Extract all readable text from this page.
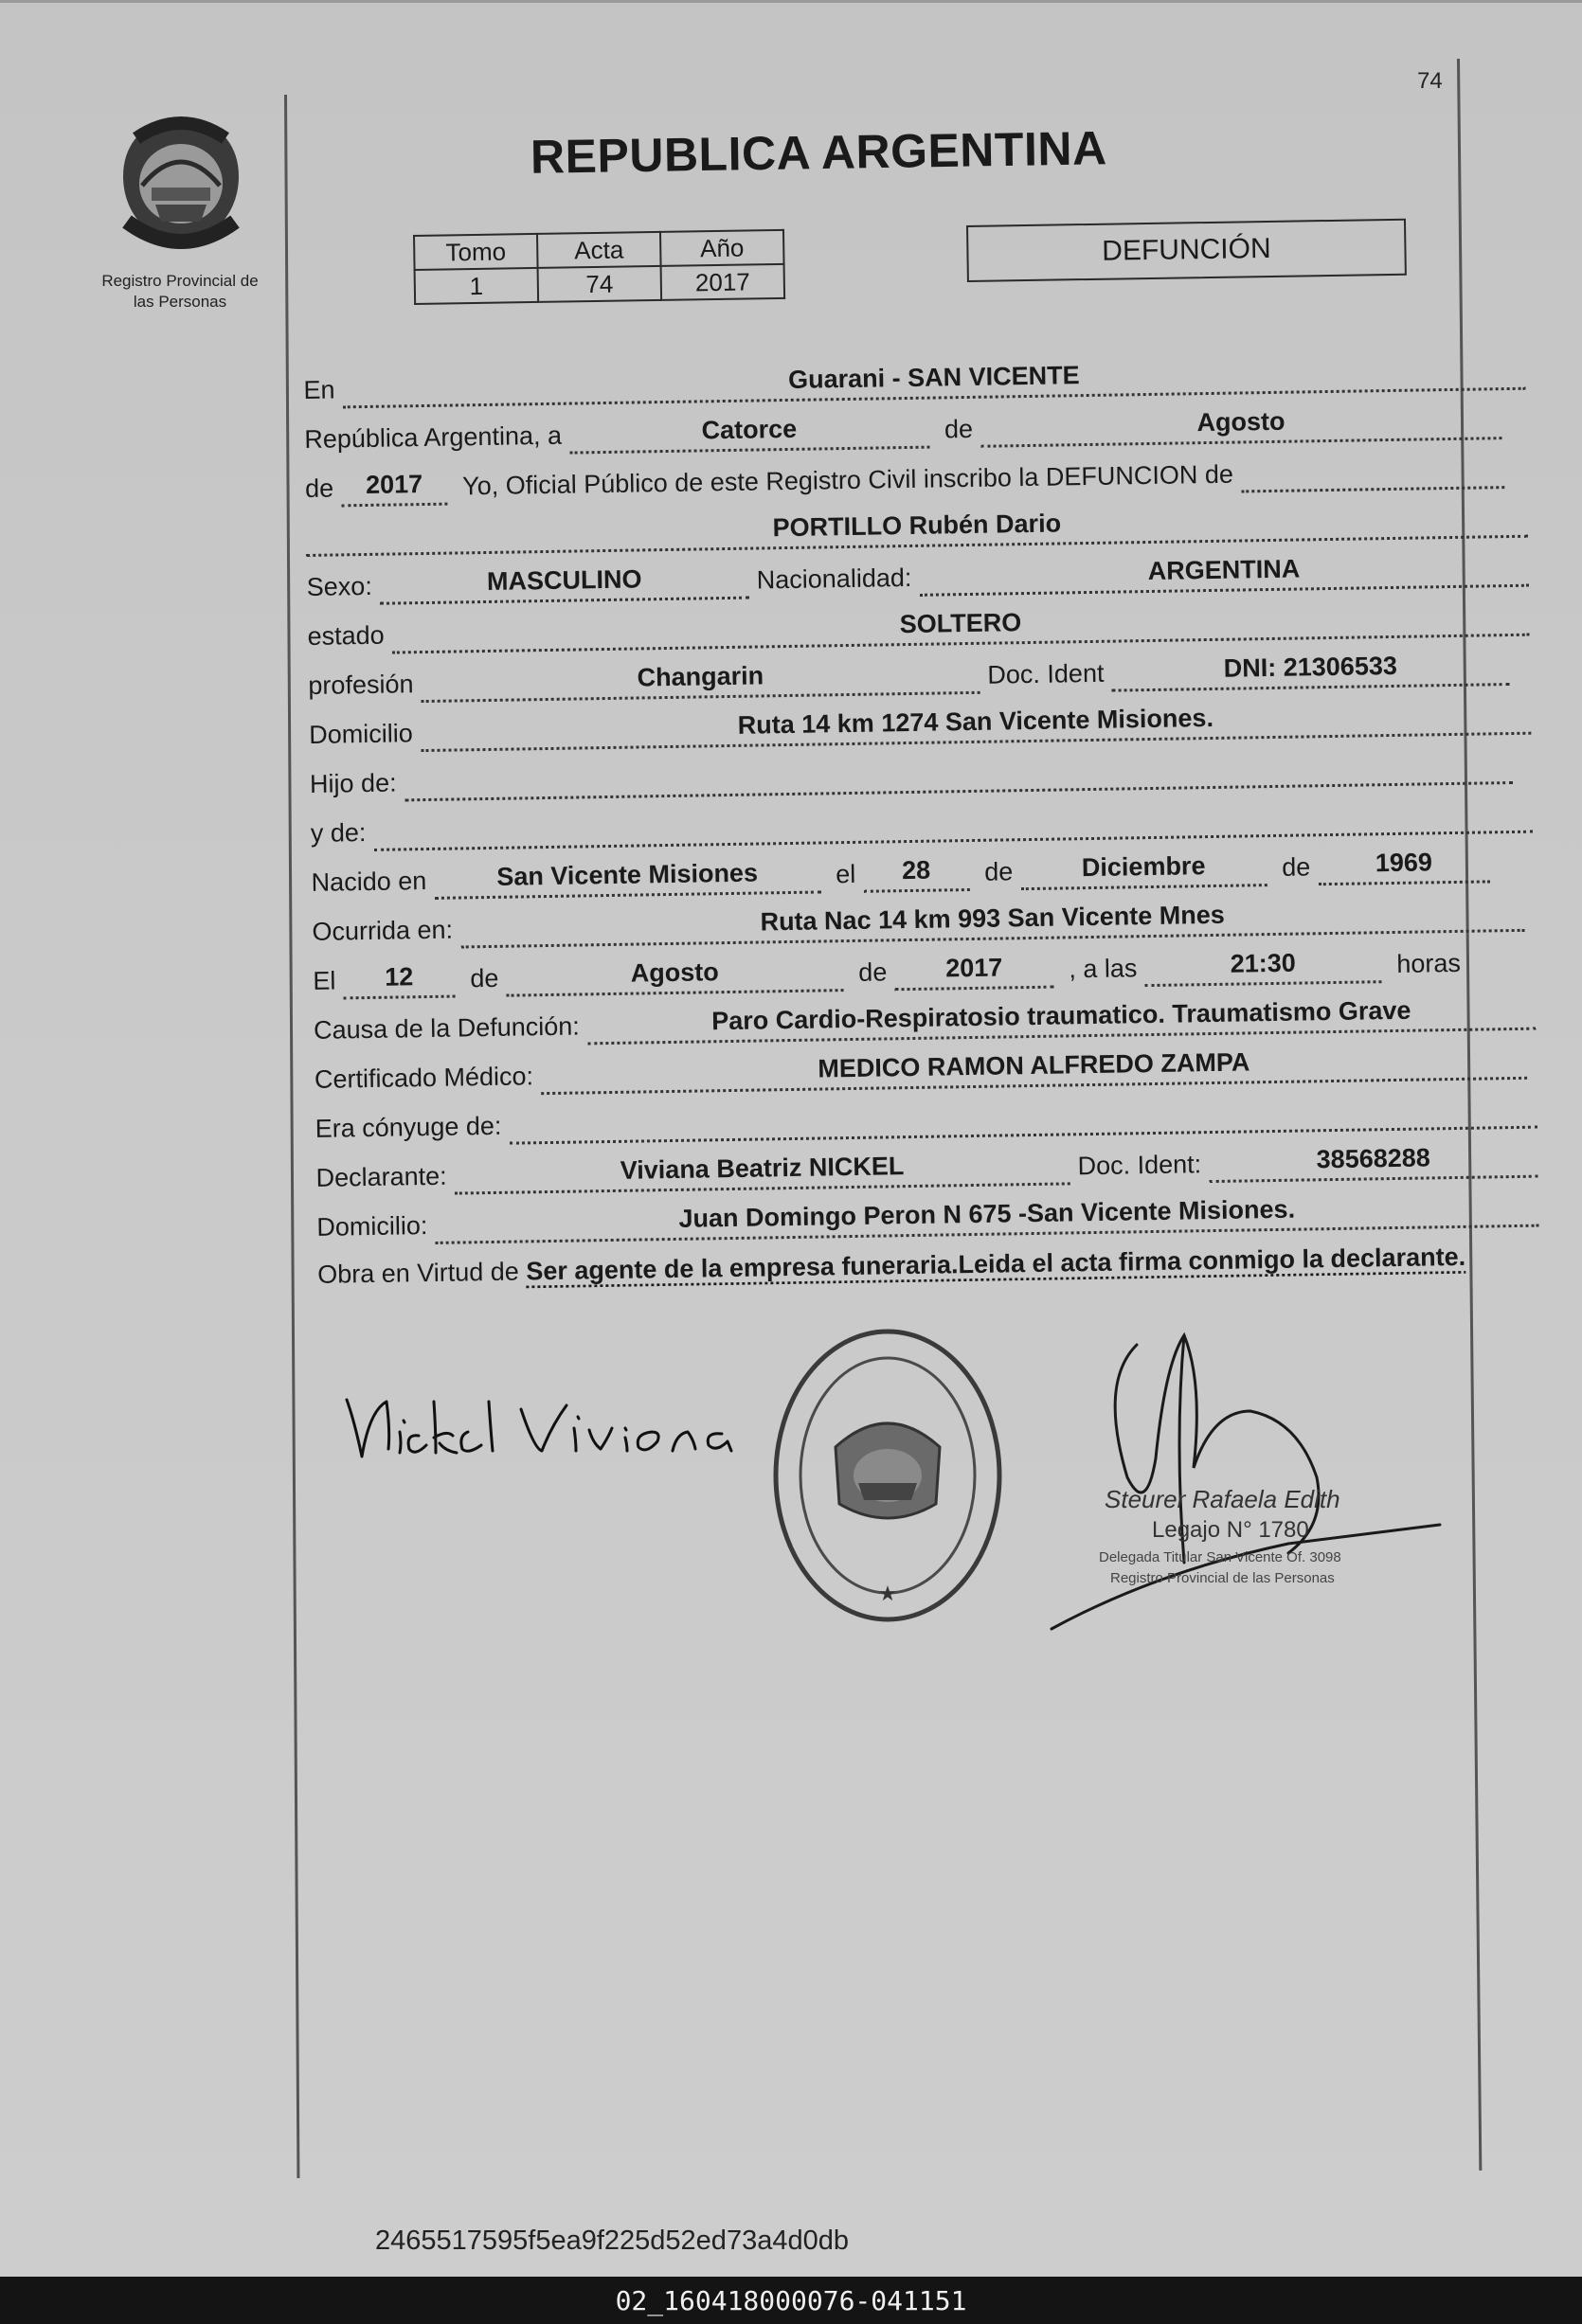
74
Registro Provincial de
las Personas
REPUBLICA ARGENTINA
Tomo	Acta	Año
1	74	2017
DEFUNCIÓN
En	Guarani - SAN VICENTE
República Argentina, a	Catorce	de	Agosto
de	2017	Yo, Oficial Público de este Registro Civil inscribo la DEFUNCION de
PORTILLO Rubén Dario
Sexo:	MASCULINO	Nacionalidad:	ARGENTINA
estado	SOLTERO
profesión	Changarin	Doc. Ident	DNI: 21306533
Domicilio	Ruta 14 km 1274 San Vicente Misiones.
Hijo de:
y de:
Nacido en	San Vicente Misiones	el	28	de	Diciembre	de	1969
Ocurrida en:	Ruta Nac 14 km 993 San Vicente Mnes
El	12	de	Agosto	de	2017	, a las	21:30	horas
Causa de la Defunción:	Paro Cardio-Respiratosio traumatico. Traumatismo Grave
Certificado Médico:	MEDICO RAMON ALFREDO ZAMPA
Era cónyuge de:
Declarante:	Viviana Beatriz NICKEL	Doc. Ident:	38568288
Domicilio:	Juan Domingo Peron N 675 -San Vicente Misiones.
Obra en Virtud de Ser agente de la empresa funeraria.Leida el acta firma conmigo la declarante.
★
Steurer Rafaela Edith
Legajo N° 1780
Delegada Titular San Vicente Of. 3098
Registro Provincial de las Personas
2465517595f5ea9f225d52ed73a4d0db
02_160418000076-041151
